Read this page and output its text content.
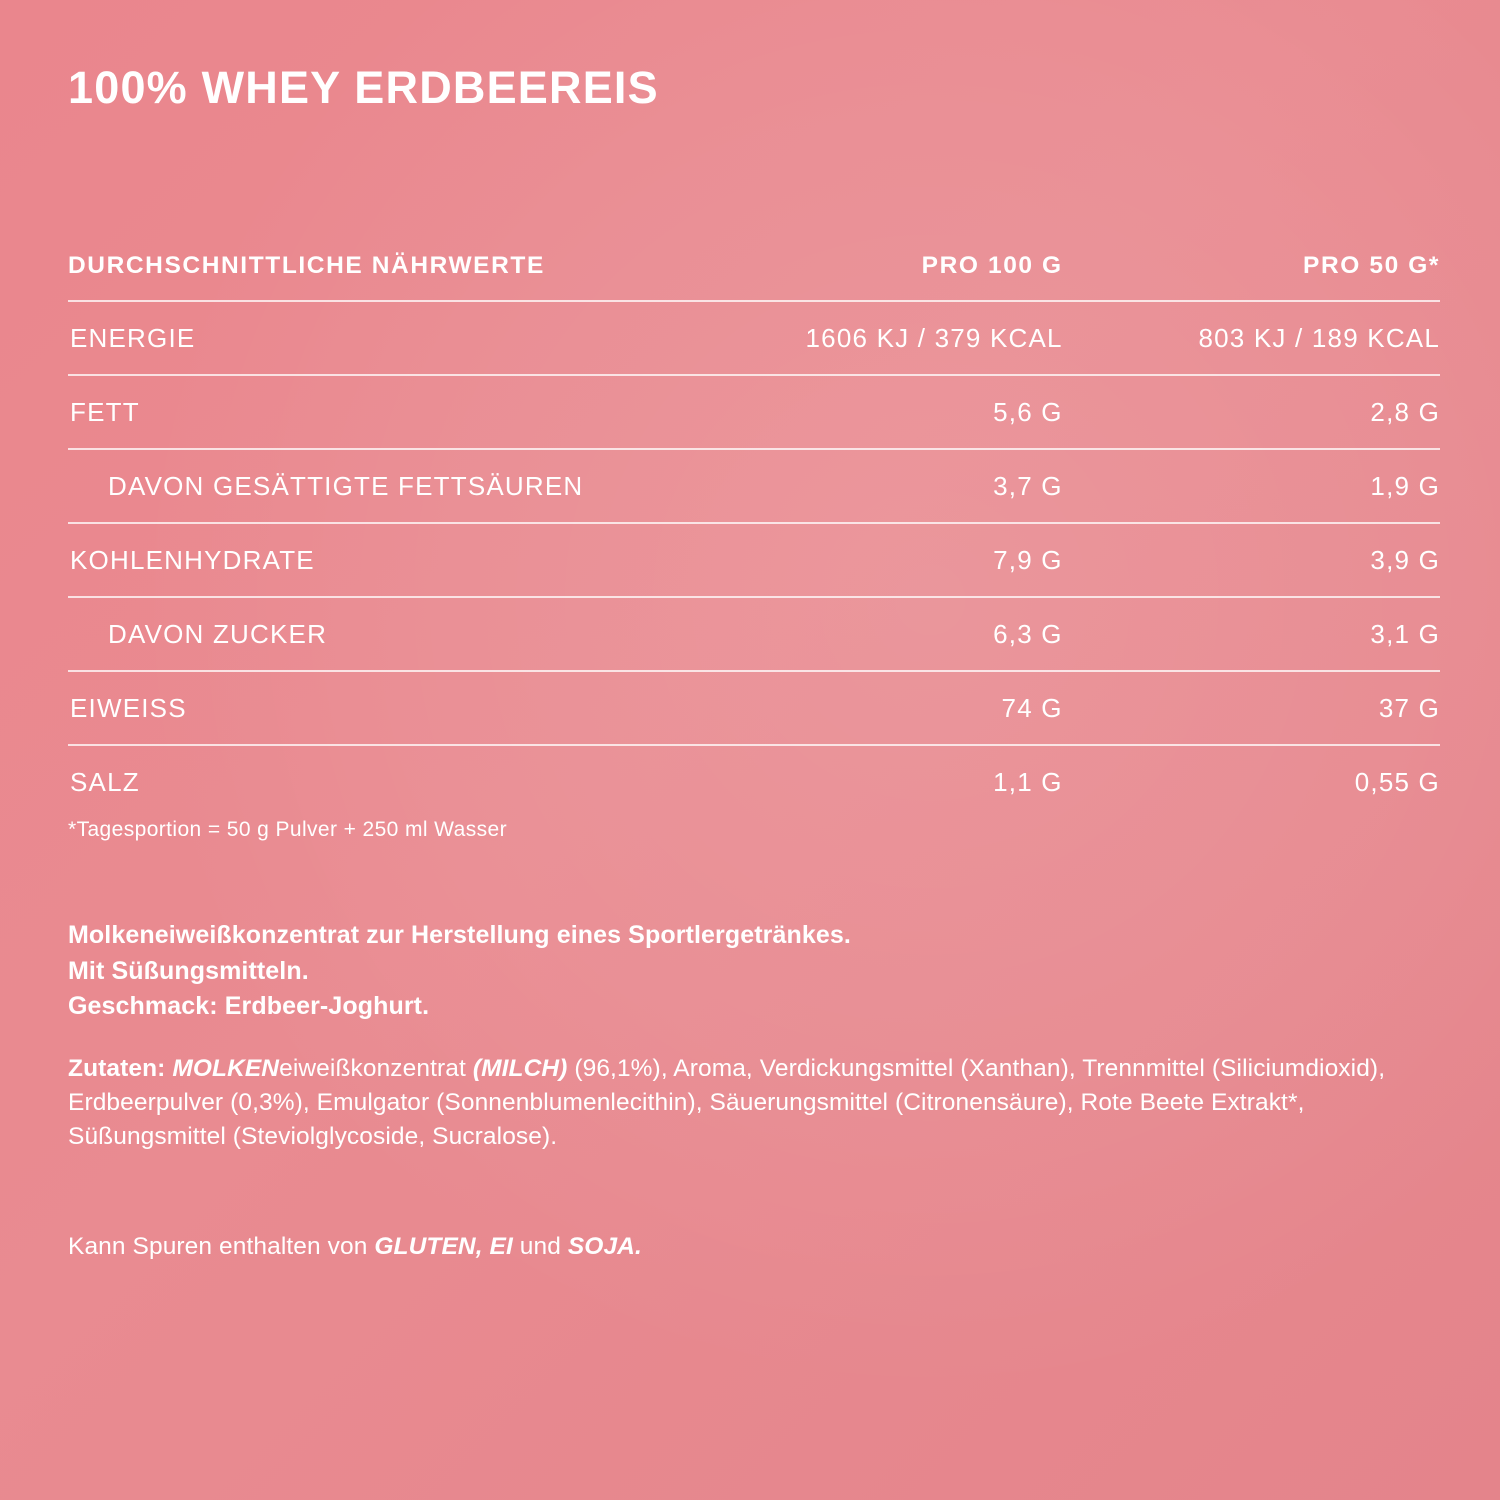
100% WHEY ERDBEEREIS
DURCHSCHNITTLICHE NÄHRWERTE	PRO 100 G	PRO 50 G*
ENERGIE	1606 KJ / 379 KCAL	803 KJ / 189 KCAL
FETT	5,6 G	2,8 G
DAVON GESÄTTIGTE FETTSÄUREN	3,7 G	1,9 G
KOHLENHYDRATE	7,9 G	3,9 G
DAVON ZUCKER	6,3 G	3,1 G
EIWEISS	74 G	37 G
SALZ	1,1 G	0,55 G
*Tagesportion = 50 g Pulver + 250 ml Wasser
Molkeneiweißkonzentrat zur Herstellung eines Sportlergetränkes.
Mit Süßungsmitteln.
Geschmack: Erdbeer-Joghurt.
Zutaten: MOLKENeiweißkonzentrat (MILCH) (96,1%), Aroma, Verdickungsmittel (Xanthan), Trennmittel (Siliciumdioxid), Erdbeerpulver (0,3%), Emulgator (Sonnenblumenlecithin), Säuerungsmittel (Citronensäure), Rote Beete Extrakt*, Süßungsmittel (Steviolglycoside, Sucralose).
Kann Spuren enthalten von GLUTEN, EI und SOJA.
